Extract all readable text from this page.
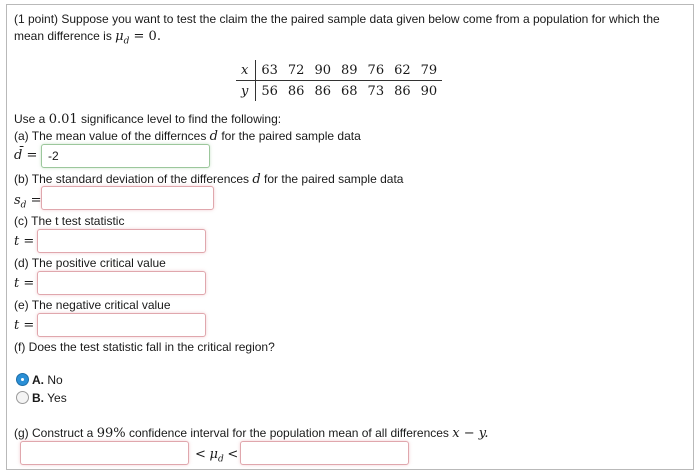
(1 point) Suppose you want to test the claim the the paired sample data given below come from a population for which the
mean difference is $\mu_d = 0$.
x	63	72	90	89	76	62	79
y	56	86	86	68	73	86	90
Use a 0.01 significance level to find the following:
(a) The mean value of the differnces d for the paired sample data
d̄ = -2
(b) The standard deviation of the differences d for the paired sample data
$s_d$ =
(c) The t test statistic
t =
(d) The positive critical value
t =
(e) The negative critical value
t =
(f) Does the test statistic fall in the critical region?
A. No
B. Yes
(g) Construct a 99% confidence interval for the population mean of all differences x − y.
< $\mu_d$ <
